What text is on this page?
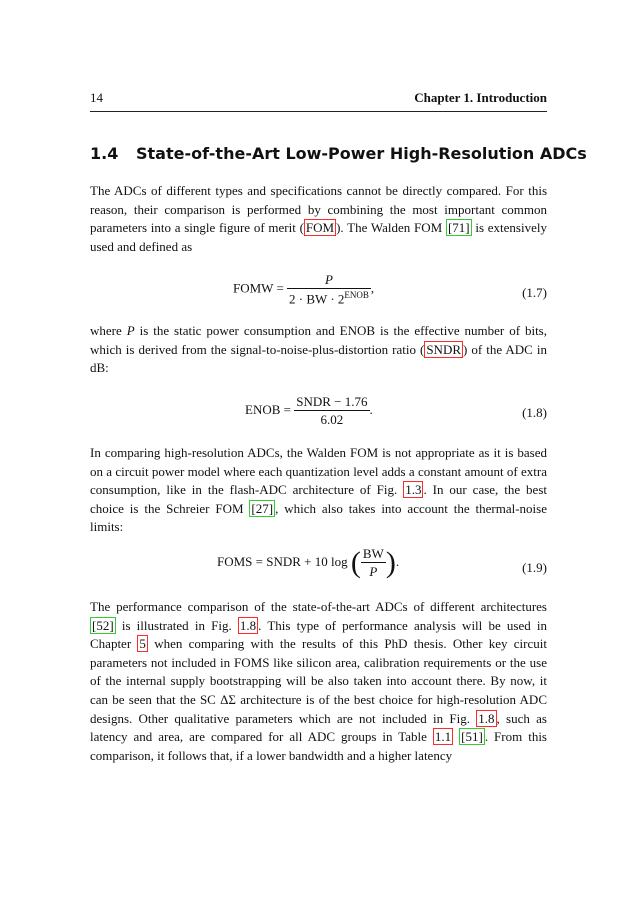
14	Chapter 1. Introduction
1.4 State-of-the-Art Low-Power High-Resolution ADCs
The ADCs of different types and specifications cannot be directly compared. For this reason, their comparison is performed by combining the most important common parameters into a single figure of merit ( FOM ). The Walden FOM [71] is extensively used and defined as
FOMW = $\frac{P}{2 \cdot BW \cdot 2^{ENOB}}$ ,	(1.7)
where P is the static power consumption and ENOB is the effective number of bits, which is derived from the signal-to-noise-plus-distortion ratio ( SNDR ) of the ADC in dB:
ENOB = $\frac{\text{SNDR − 1.76}}{6.02}$ .	(1.8)
In comparing high-resolution ADCs, the Walden FOM is not appropriate as it is based on a circuit power model where each quantization level adds a constant amount of extra consumption, like in the flash-ADC architecture of Fig. 1.3 . In our case, the best choice is the Schreier FOM [27] , which also takes into account the thermal-noise limits:
FOMS = SNDR + 10 log ( $\frac{BW}{P}$ ).	(1.9)
The performance comparison of the state-of-the-art ADCs of different architectures [52] is illustrated in Fig. 1.8 . This type of performance analysis will be used in Chapter 5 when comparing with the results of this PhD thesis. Other key circuit parameters not included in FOMS like silicon area, calibration requirements or the use of the internal supply bootstrapping will be also taken into account there. By now, it can be seen that the SC ΔΣ architecture is of the best choice for high-resolution ADC designs. Other qualitative parameters which are not included in Fig. 1.8 , such as latency and area, are compared for all ADC groups in Table 1.1 [51] . From this comparison, it follows that, if a lower bandwidth and a higher latency
